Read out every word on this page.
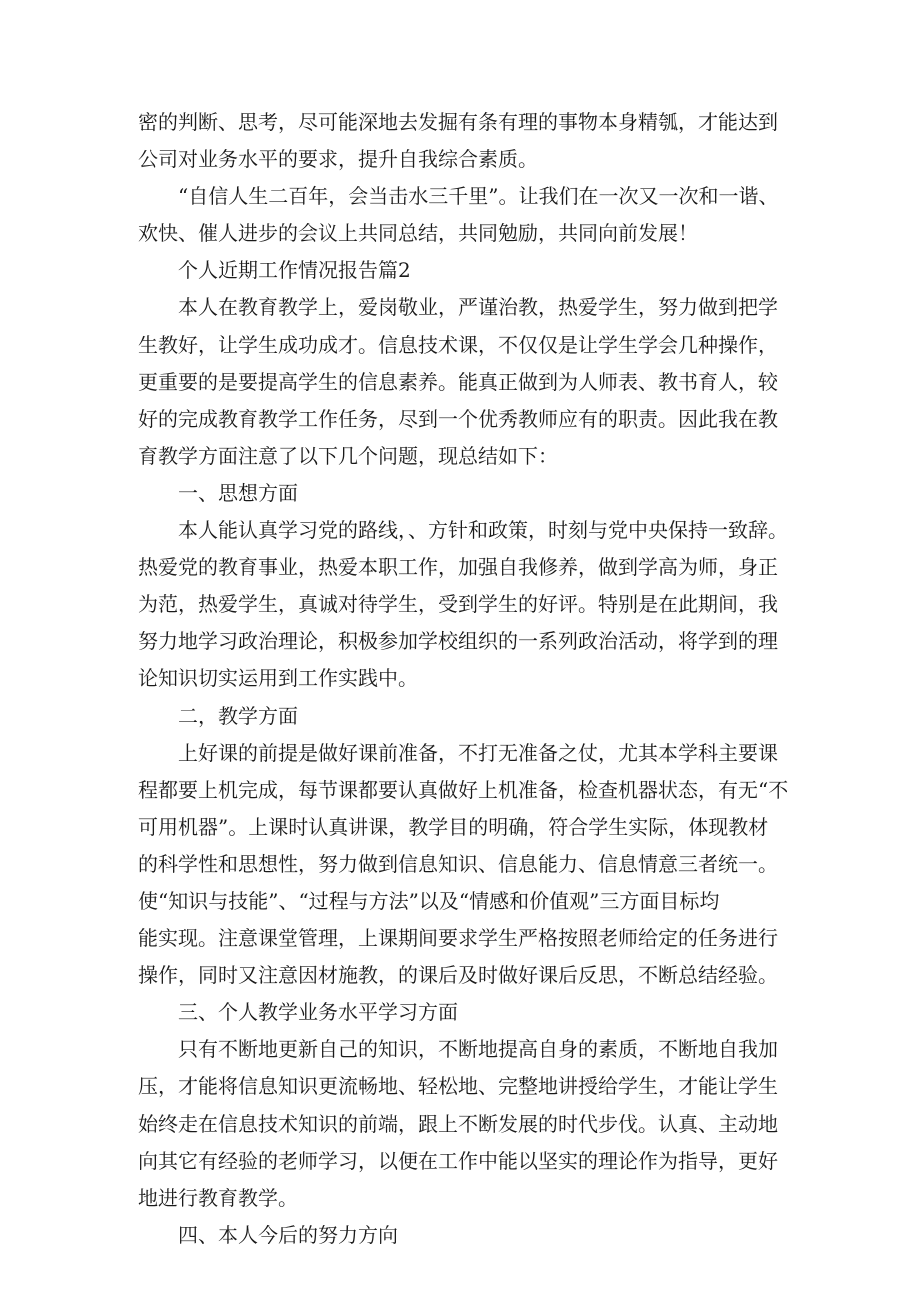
密的判断、思考，尽可能深地去发掘有条有理的事物本身精瓠，才能达到
公司对业务水平的要求，提升自我综合素质。
“自信人生二百年，会当击水三千里”。让我们在一次又一次和一谐、
欢快、催人进步的会议上共同总结，共同勉励，共同向前发展！
个人近期工作情况报告篇2
本人在教育教学上，爱岗敬业，严谨治教，热爱学生，努力做到把学
生教好，让学生成功成才。信息技术课，不仅仅是让学生学会几种操作，
更重要的是要提高学生的信息素养。能真正做到为人师表、教书育人，较
好的完成教育教学工作任务，尽到一个优秀教师应有的职责。因此我在教
育教学方面注意了以下几个问题，现总结如下：
一、思想方面
本人能认真学习党的路线，、方针和政策，时刻与党中央保持一致辞。
热爱党的教育事业，热爱本职工作，加强自我修养，做到学高为师，身正
为范，热爱学生，真诚对待学生，受到学生的好评。特别是在此期间，我
努力地学习政治理论，积极参加学校组织的一系列政治活动，将学到的理
论知识切实运用到工作实践中。
二，教学方面
上好课的前提是做好课前准备，不打无准备之仗，尤其本学科主要课
程都要上机完成，每节课都要认真做好上机准备，检查机器状态，有无“不
可用机器”。上课时认真讲课，教学目的明确，符合学生实际，体现教材
的科学性和思想性，努力做到信息知识、信息能力、信息情意三者统一。
使“知识与技能”、“过程与方法”以及“情感和价值观”三方面目标均
能实现。注意课堂管理，上课期间要求学生严格按照老师给定的任务进行
操作，同时又注意因材施教，的课后及时做好课后反思，不断总结经验。
三、个人教学业务水平学习方面
只有不断地更新自己的知识，不断地提高自身的素质，不断地自我加
压，才能将信息知识更流畅地、轻松地、完整地讲授给学生，才能让学生
始终走在信息技术知识的前端，跟上不断发展的时代步伐。认真、主动地
向其它有经验的老师学习，以便在工作中能以坚实的理论作为指导，更好
地进行教育教学。
四、本人今后的努力方向
